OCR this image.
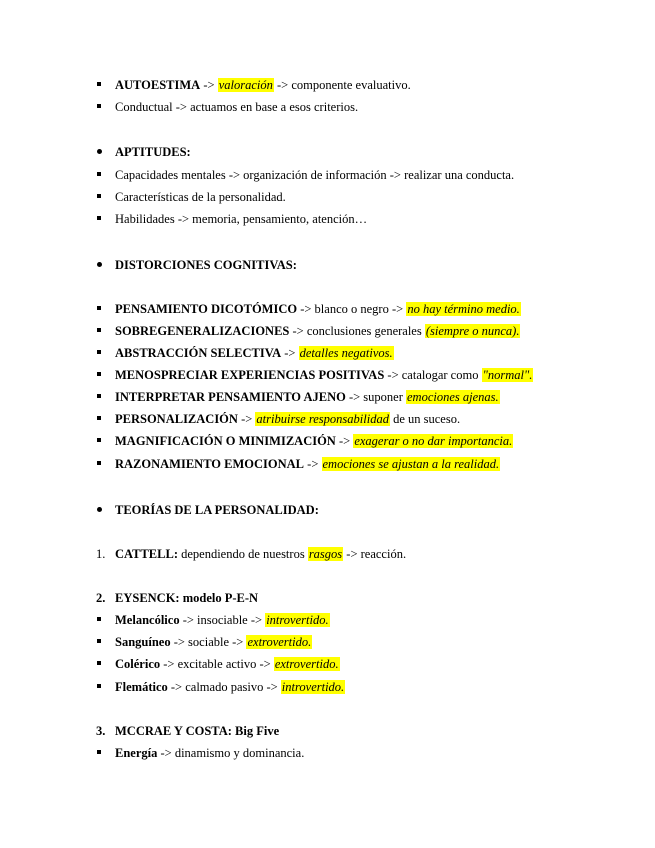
AUTOESTIMA -> valoración -> componente evaluativo.
Conductual -> actuamos en base a esos criterios.
APTITUDES:
Capacidades mentales -> organización de información -> realizar una conducta.
Características de la personalidad.
Habilidades -> memoria, pensamiento, atención…
DISTORCIONES COGNITIVAS:
PENSAMIENTO DICOTÓMICO -> blanco o negro -> no hay término medio.
SOBREGENERALIZACIONES -> conclusiones generales (siempre o nunca).
ABSTRACCIÓN SELECTIVA -> detalles negativos.
MENOSPRECIAR EXPERIENCIAS POSITIVAS -> catalogar como "normal".
INTERPRETAR PENSAMIENTO AJENO -> suponer emociones ajenas.
PERSONALIZACIÓN -> atribuirse responsabilidad de un suceso.
MAGNIFICACIÓN O MINIMIZACIÓN -> exagerar o no dar importancia.
RAZONAMIENTO EMOCIONAL -> emociones se ajustan a la realidad.
TEORÍAS DE LA PERSONALIDAD:
1. CATTELL: dependiendo de nuestros rasgos -> reacción.
2. EYSENCK: modelo P-E-N
Melancólico -> insociable -> introvertido.
Sanguíneo -> sociable -> extrovertido.
Colérico -> excitable activo -> extrovertido.
Flemático -> calmado pasivo -> introvertido.
3. MCCRAE Y COSTA: Big Five
Energía -> dinamismo y dominancia.
